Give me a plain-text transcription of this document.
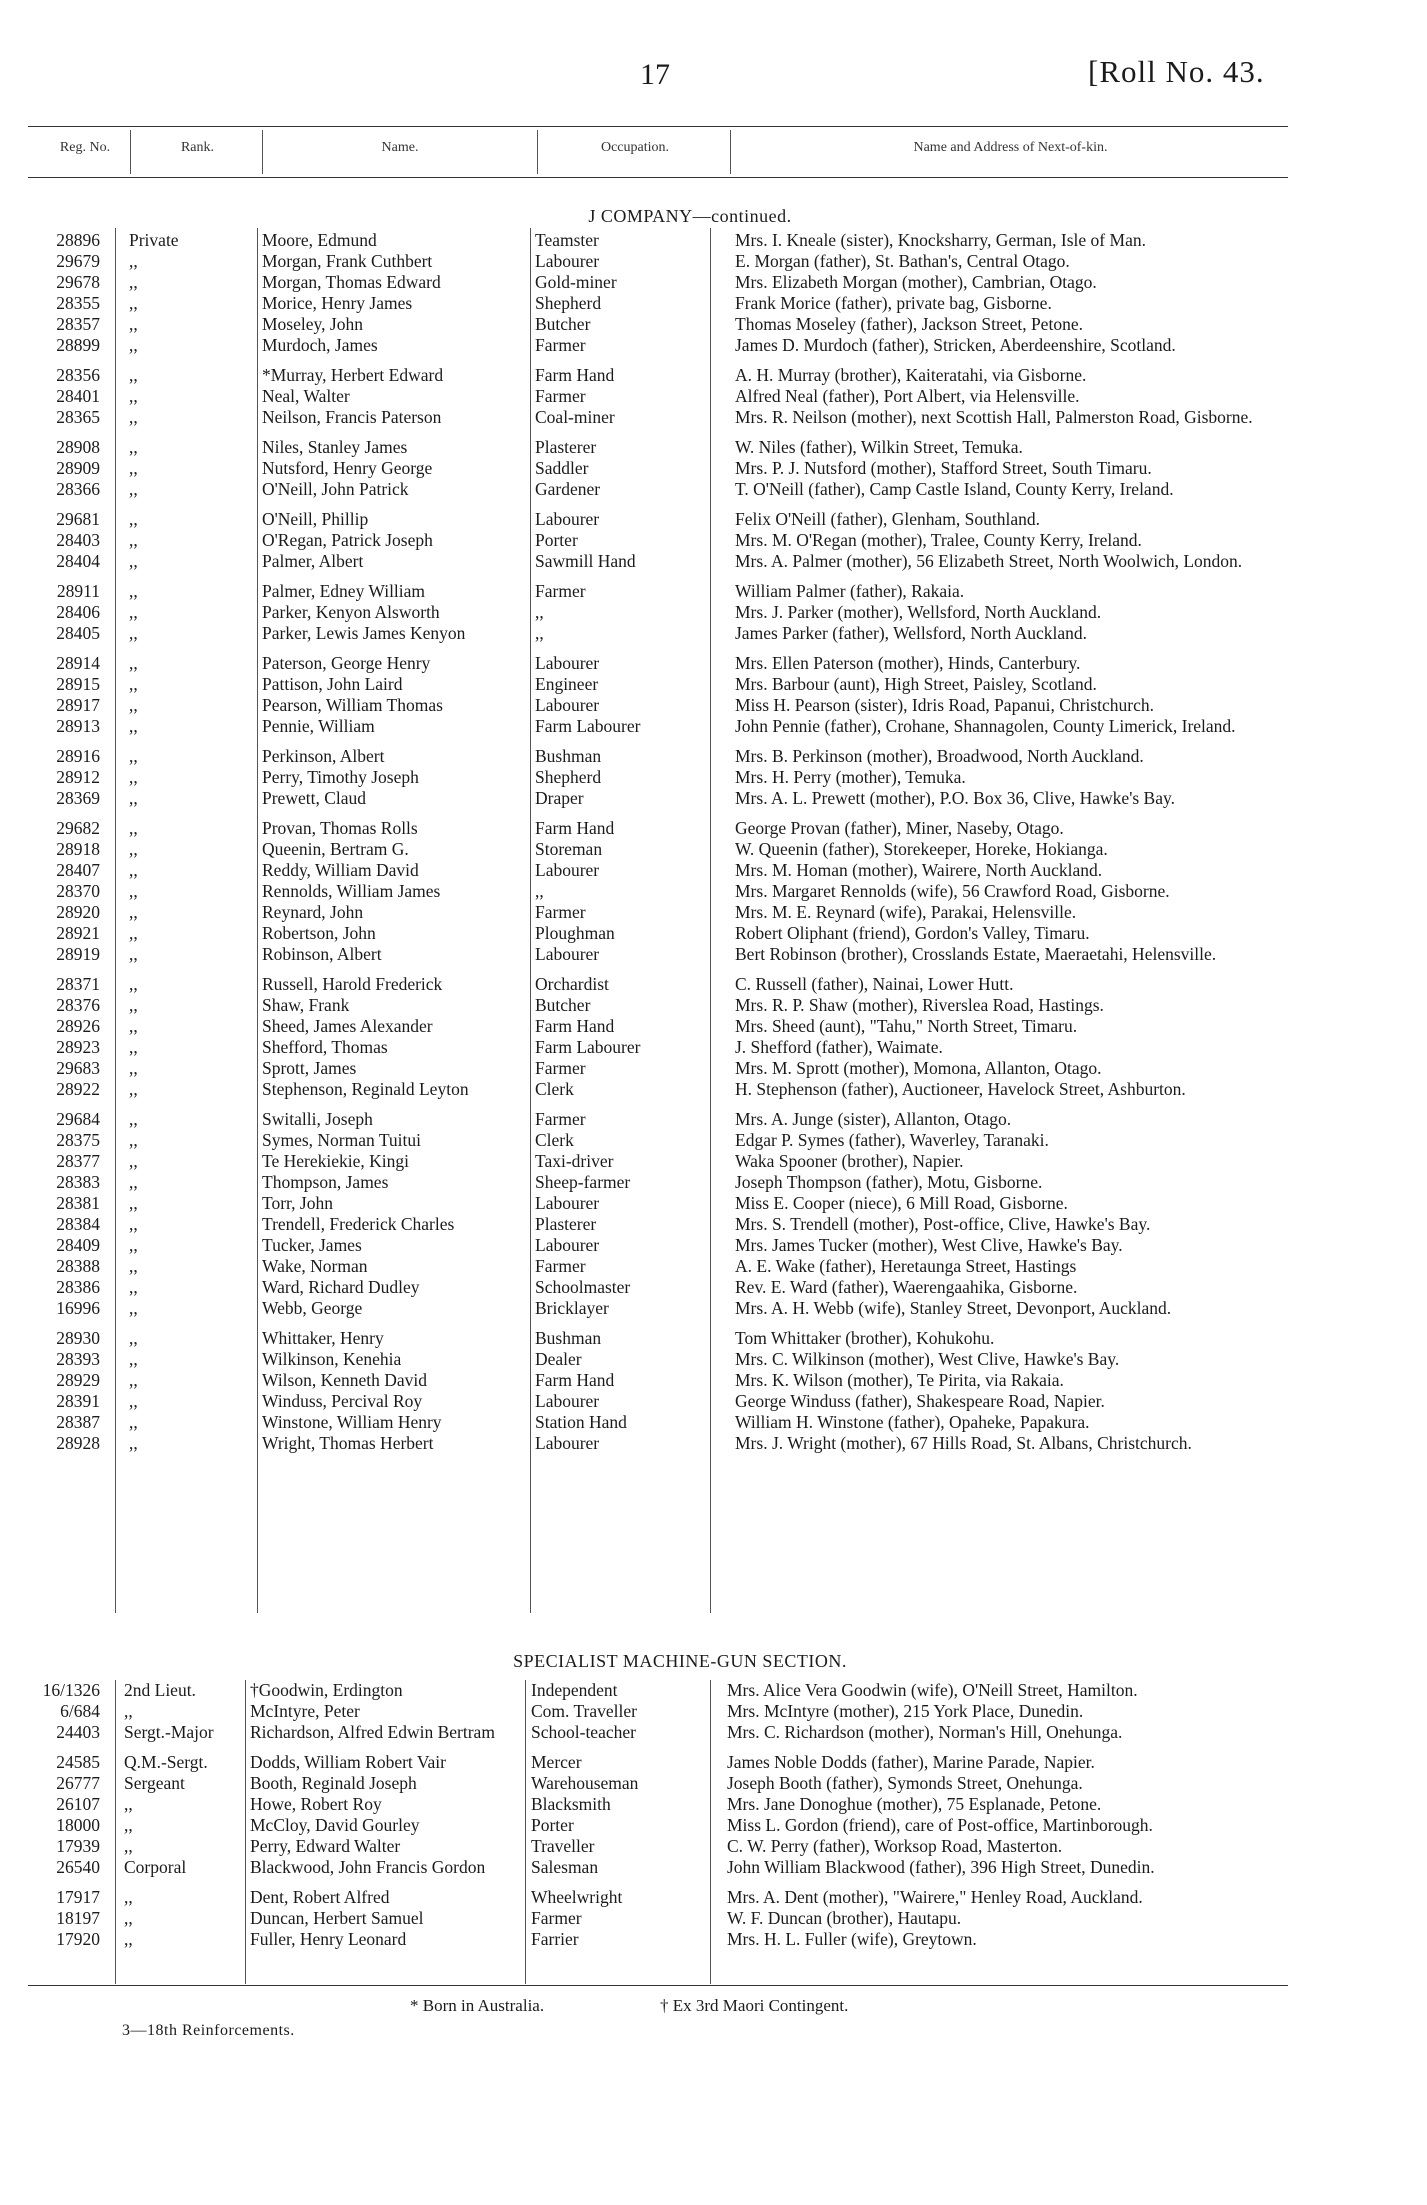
17	[Roll No. 43.
Reg. No.	Rank.	Name.	Occupation.	Name and Address of Next-of-kin.
J COMPANY—continued.
SPECIALIST MACHINE-GUN SECTION.
28896 Private	Moore, Edmund	Teamster	Mrs. I. Kneale (sister), Knocksharry, German, Isle of Man.
29679 ,,	Morgan, Frank Cuthbert	Labourer	E. Morgan (father), St. Bathan's, Central Otago.
29678 ,,	Morgan, Thomas Edward	Gold-miner	Mrs. Elizabeth Morgan (mother), Cambrian, Otago.
28355 ,,	Morice, Henry James	Shepherd	Frank Morice (father), private bag, Gisborne.
28357 ,,	Moseley, John	Butcher	Thomas Moseley (father), Jackson Street, Petone.
28899 ,,	Murdoch, James	Farmer	James D. Murdoch (father), Stricken, Aberdeenshire, Scotland.
28356 ,,	*Murray, Herbert Edward	Farm Hand	A. H. Murray (brother), Kaiteratahi, via Gisborne.
28401 ,,	Neal, Walter	Farmer	Alfred Neal (father), Port Albert, via Helensville.
28365 ,,	Neilson, Francis Paterson	Coal-miner	Mrs. R. Neilson (mother), next Scottish Hall, Palmerston Road, Gisborne.
28908 ,,	Niles, Stanley James	Plasterer	W. Niles (father), Wilkin Street, Temuka.
28909 ,,	Nutsford, Henry George	Saddler	Mrs. P. J. Nutsford (mother), Stafford Street, South Timaru.
28366 ,,	O'Neill, John Patrick	Gardener	T. O'Neill (father), Camp Castle Island, County Kerry, Ireland.
29681 ,,	O'Neill, Phillip	Labourer	Felix O'Neill (father), Glenham, Southland.
28403 ,,	O'Regan, Patrick Joseph	Porter	Mrs. M. O'Regan (mother), Tralee, County Kerry, Ireland.
28404 ,,	Palmer, Albert	Sawmill Hand	Mrs. A. Palmer (mother), 56 Elizabeth Street, North Woolwich, London.
28911 ,,	Palmer, Edney William	Farmer	William Palmer (father), Rakaia.
28406 ,,	Parker, Kenyon Alsworth	,,	Mrs. J. Parker (mother), Wellsford, North Auckland.
28405 ,,	Parker, Lewis James Kenyon	,,	James Parker (father), Wellsford, North Auckland.
28914 ,,	Paterson, George Henry	Labourer	Mrs. Ellen Paterson (mother), Hinds, Canterbury.
28915 ,,	Pattison, John Laird	Engineer	Mrs. Barbour (aunt), High Street, Paisley, Scotland.
28917 ,,	Pearson, William Thomas	Labourer	Miss H. Pearson (sister), Idris Road, Papanui, Christchurch.
28913 ,,	Pennie, William	Farm Labourer	John Pennie (father), Crohane, Shannagolen, County Limerick, Ireland.
28916 ,,	Perkinson, Albert	Bushman	Mrs. B. Perkinson (mother), Broadwood, North Auckland.
28912 ,,	Perry, Timothy Joseph	Shepherd	Mrs. H. Perry (mother), Temuka.
28369 ,,	Prewett, Claud	Draper	Mrs. A. L. Prewett (mother), P.O. Box 36, Clive, Hawke's Bay.
29682 ,,	Provan, Thomas Rolls	Farm Hand	George Provan (father), Miner, Naseby, Otago.
28918 ,,	Queenin, Bertram G.	Storeman	W. Queenin (father), Storekeeper, Horeke, Hokianga.
28407 ,,	Reddy, William David	Labourer	Mrs. M. Homan (mother), Wairere, North Auckland.
28370 ,,	Rennolds, William James	,,	Mrs. Margaret Rennolds (wife), 56 Crawford Road, Gisborne.
28920 ,,	Reynard, John	Farmer	Mrs. M. E. Reynard (wife), Parakai, Helensville.
28921 ,,	Robertson, John	Ploughman	Robert Oliphant (friend), Gordon's Valley, Timaru.
28919 ,,	Robinson, Albert	Labourer	Bert Robinson (brother), Crosslands Estate, Maeraetahi, Helensville.
28371 ,,	Russell, Harold Frederick	Orchardist	C. Russell (father), Nainai, Lower Hutt.
28376 ,,	Shaw, Frank	Butcher	Mrs. R. P. Shaw (mother), Riverslea Road, Hastings.
28926 ,,	Sheed, James Alexander	Farm Hand	Mrs. Sheed (aunt), "Tahu," North Street, Timaru.
28923 ,,	Shefford, Thomas	Farm Labourer	J. Shefford (father), Waimate.
29683 ,,	Sprott, James	Farmer	Mrs. M. Sprott (mother), Momona, Allanton, Otago.
28922 ,,	Stephenson, Reginald Leyton	Clerk	H. Stephenson (father), Auctioneer, Havelock Street, Ashburton.
29684 ,,	Switalli, Joseph	Farmer	Mrs. A. Junge (sister), Allanton, Otago.
28375 ,,	Symes, Norman Tuitui	Clerk	Edgar P. Symes (father), Waverley, Taranaki.
28377 ,,	Te Herekiekie, Kingi	Taxi-driver	Waka Spooner (brother), Napier.
28383 ,,	Thompson, James	Sheep-farmer	Joseph Thompson (father), Motu, Gisborne.
28381 ,,	Torr, John	Labourer	Miss E. Cooper (niece), 6 Mill Road, Gisborne.
28384 ,,	Trendell, Frederick Charles	Plasterer	Mrs. S. Trendell (mother), Post-office, Clive, Hawke's Bay.
28409 ,,	Tucker, James	Labourer	Mrs. James Tucker (mother), West Clive, Hawke's Bay.
28388 ,,	Wake, Norman	Farmer	A. E. Wake (father), Heretaunga Street, Hastings
28386 ,,	Ward, Richard Dudley	Schoolmaster	Rev. E. Ward (father), Waerengaahika, Gisborne.
16996 ,,	Webb, George	Bricklayer	Mrs. A. H. Webb (wife), Stanley Street, Devonport, Auckland.
28930 ,,	Whittaker, Henry	Bushman	Tom Whittaker (brother), Kohukohu.
28393 ,,	Wilkinson, Kenehia	Dealer	Mrs. C. Wilkinson (mother), West Clive, Hawke's Bay.
28929 ,,	Wilson, Kenneth David	Farm Hand	Mrs. K. Wilson (mother), Te Pirita, via Rakaia.
28391 ,,	Winduss, Percival Roy	Labourer	George Winduss (father), Shakespeare Road, Napier.
28387 ,,	Winstone, William Henry	Station Hand	William H. Winstone (father), Opaheke, Papakura.
28928 ,,	Wright, Thomas Herbert	Labourer	Mrs. J. Wright (mother), 67 Hills Road, St. Albans, Christchurch.
16/1326 2nd Lieut.	†Goodwin, Erdington	Independent	Mrs. Alice Vera Goodwin (wife), O'Neill Street, Hamilton.
6/684 ,,	McIntyre, Peter	Com. Traveller	Mrs. McIntyre (mother), 215 York Place, Dunedin.
24403 Sergt.-Major	Richardson, Alfred Edwin Bertram	School-teacher	Mrs. C. Richardson (mother), Norman's Hill, Onehunga.
24585 Q.M.-Sergt.	Dodds, William Robert Vair	Mercer	James Noble Dodds (father), Marine Parade, Napier.
26777 Sergeant	Booth, Reginald Joseph	Warehouseman	Joseph Booth (father), Symonds Street, Onehunga.
26107 ,,	Howe, Robert Roy	Blacksmith	Mrs. Jane Donoghue (mother), 75 Esplanade, Petone.
18000 ,,	McCloy, David Gourley	Porter	Miss L. Gordon (friend), care of Post-office, Martinborough.
17939 ,,	Perry, Edward Walter	Traveller	C. W. Perry (father), Worksop Road, Masterton.
26540 Corporal	Blackwood, John Francis Gordon	Salesman	John William Blackwood (father), 396 High Street, Dunedin.
17917 ,,	Dent, Robert Alfred	Wheelwright	Mrs. A. Dent (mother), "Wairere," Henley Road, Auckland.
18197 ,,	Duncan, Herbert Samuel	Farmer	W. F. Duncan (brother), Hautapu.
17920 ,,	Fuller, Henry Leonard	Farrier	Mrs. H. L. Fuller (wife), Greytown.
* Born in Australia.	† Ex 3rd Maori Contingent.
3—18th Reinforcements.
